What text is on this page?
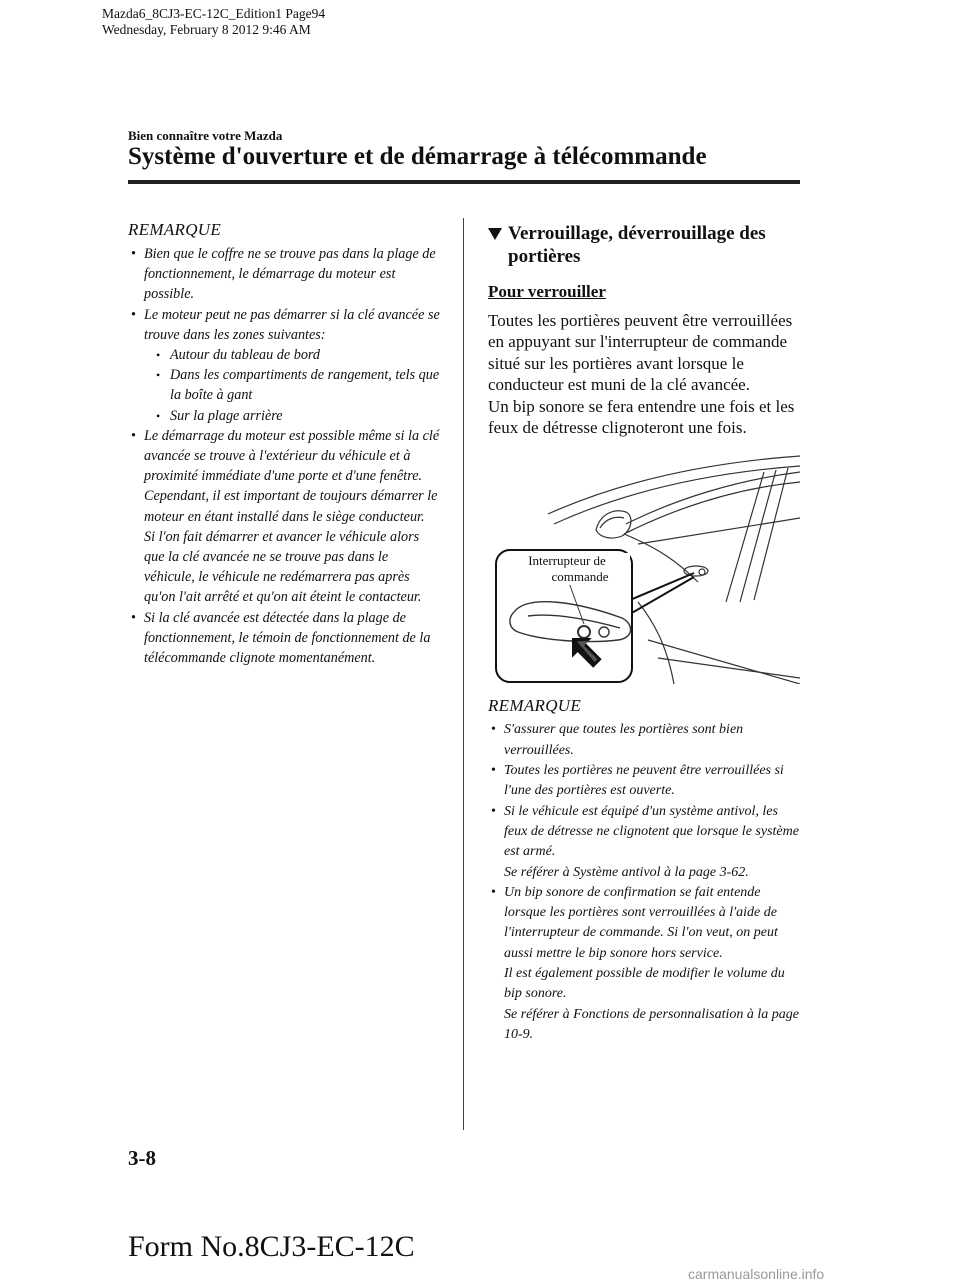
Mazda6_8CJ3-EC-12C_Edition1 Page94
Wednesday, February 8 2012 9:46 AM
Bien connaître votre Mazda
Système d'ouverture et de démarrage à télécommande
REMARQUE
• Bien que le coffre ne se trouve pas dans la plage de fonctionnement, le démarrage du moteur est possible.
• Le moteur peut ne pas démarrer si la clé avancée se trouve dans les zones suivantes:
• Autour du tableau de bord
• Dans les compartiments de rangement, tels que la boîte à gant
• Sur la plage arrière
• Le démarrage du moteur est possible même si la clé avancée se trouve à l'extérieur du véhicule et à proximité immédiate d'une porte et d'une fenêtre. Cependant, il est important de toujours démarrer le moteur en étant installé dans le siège conducteur.
Si l'on fait démarrer et avancer le véhicule alors que la clé avancée ne se trouve pas dans le véhicule, le véhicule ne redémarrera pas après qu'on l'ait arrêté et qu'on ait éteint le contacteur.
• Si la clé avancée est détectée dans la plage de fonctionnement, le témoin de fonctionnement de la télécommande clignote momentanément.
Verrouillage, déverrouillage des portières
Pour verrouiller

Toutes les portières peuvent être verrouillées en appuyant sur l'interrupteur de commande situé sur les portières avant lorsque le conducteur est muni de la clé avancée.

Un bip sonore se fera entendre une fois et les feux de détresse clignoteront une fois.

Interrupteur de
commande
REMARQUE
• S'assurer que toutes les portières sont bien verrouillées.
• Toutes les portières ne peuvent être verrouillées si l'une des portières est ouverte.
• Si le véhicule est équipé d'un système antivol, les feux de détresse ne clignotent que lorsque le système est armé.
Se référer à Système antivol à la page 3-62.
• Un bip sonore de confirmation se fait entende lorsque les portières sont verrouillées à l'aide de l'interrupteur de commande. Si l'on veut, on peut aussi mettre le bip sonore hors service.
Il est également possible de modifier le volume du bip sonore.
Se référer à Fonctions de personnalisation à la page 10-9.
3-8
Form No.8CJ3-EC-12C
carmanualsonline.info
